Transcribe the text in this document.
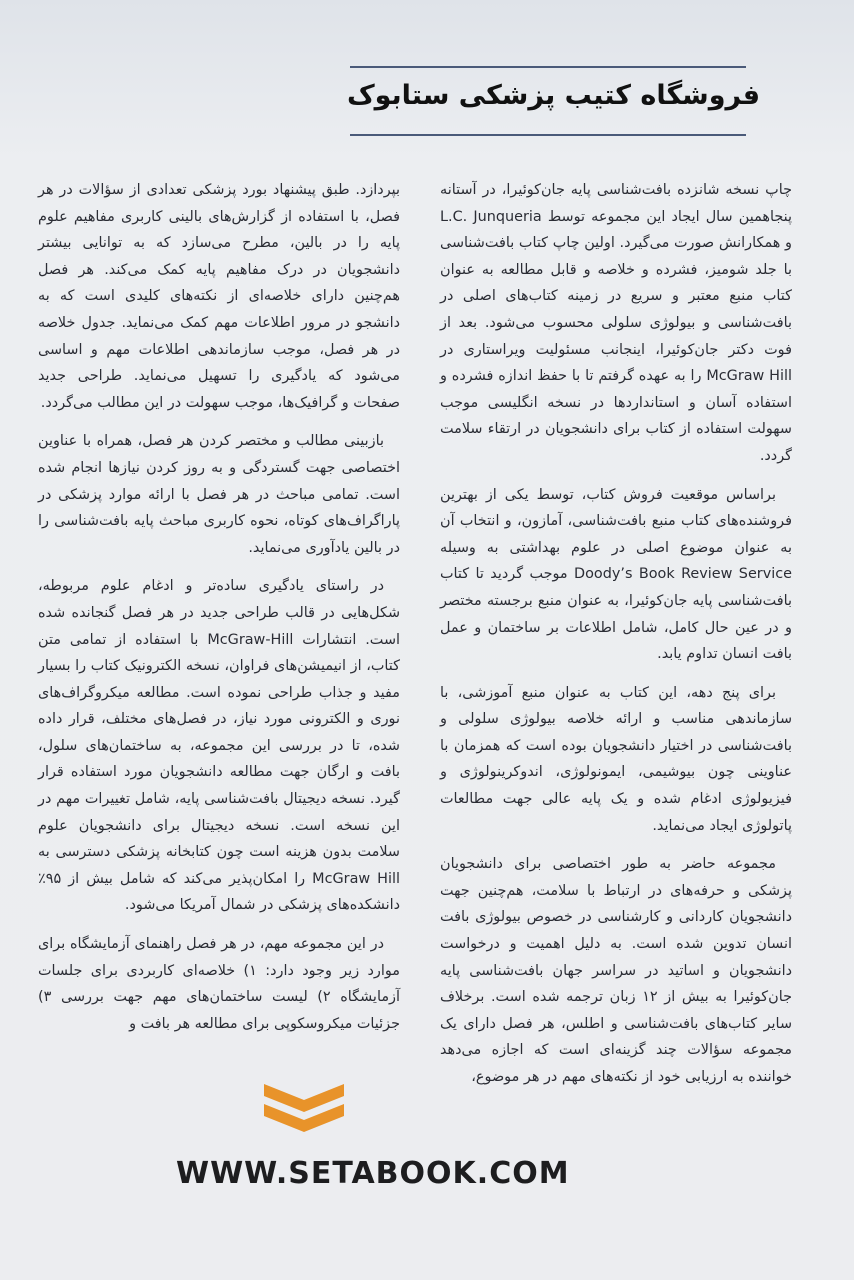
فروشگاه کتیب پزشکی ستابوک

چاپ نسخه شانزده بافت‌شناسی پایه جان‌کوئیرا، در آستانه پنجاهمین سال ایجاد این مجموعه توسط L.C. Junqueria و همکارانش صورت می‌گیرد. اولین چاپ کتاب بافت‌شناسی با جلد شومیز، فشرده و خلاصه و قابل مطالعه به عنوان کتاب منبع معتبر و سریع در زمینه کتاب‌های اصلی در بافت‌شناسی و بیولوژی سلولی محسوب می‌شود. بعد از فوت دکتر جان‌کوئیرا، اینجانب مسئولیت ویراستاری در McGraw Hill را به عهده گرفتم تا با حفظ اندازه فشرده و استفاده آسان و استانداردها در نسخه انگلیسی موجب سهولت استفاده از کتاب برای دانشجویان در ارتقاء سلامت گردد.

براساس موقعیت فروش کتاب، توسط یکی از بهترین فروشنده‌های کتاب منبع بافت‌شناسی، آمازون، و انتخاب آن به عنوان موضوع اصلی در علوم بهداشتی به وسیله Doody’s Book Review Service موجب گردید تا کتاب بافت‌شناسی پایه جان‌کوئیرا، به عنوان منبع برجسته مختصر و در عین حال کامل، شامل اطلاعات بر ساختمان و عمل بافت انسان تداوم یابد.

برای پنج دهه، این کتاب به عنوان منبع آموزشی، با سازماندهی مناسب و ارائه خلاصه بیولوژی سلولی و بافت‌شناسی در اختیار دانشجویان بوده است که همزمان با عناوینی چون بیوشیمی، ایمونولوژی، اندوکرینولوژی و فیزیولوژی ادغام شده و یک پایه عالی جهت مطالعات پاتولوژی ایجاد می‌نماید.

مجموعه حاضر به طور اختصاصی برای دانشجویان پزشکی و حرفه‌های در ارتباط با سلامت، هم‌چنین جهت دانشجویان کاردانی و کارشناسی در خصوص بیولوژی بافت انسان تدوین شده است. به دلیل اهمیت و درخواست دانشجویان و اساتید در سراسر جهان بافت‌شناسی پایه جان‌کوئیرا به بیش از ۱۲ زبان ترجمه شده است. برخلاف سایر کتاب‌های بافت‌شناسی و اطلس، هر فصل دارای یک مجموعه سؤالات چند گزینه‌ای است که اجازه می‌دهد خواننده به ارزیابی خود از نکته‌های مهم در هر موضوع،

بپردازد. طبق پیشنهاد بورد پزشکی تعدادی از سؤالات در هر فصل، با استفاده از گزارش‌های بالینی کاربری مفاهیم علوم پایه را در بالین، مطرح می‌سازد که به توانایی بیشتر دانشجویان در درک مفاهیم پایه کمک می‌کند. هر فصل هم‌چنین دارای خلاصه‌ای از نکته‌های کلیدی است که به دانشجو در مرور اطلاعات مهم کمک می‌نماید. جدول خلاصه در هر فصل، موجب سازماندهی اطلاعات مهم و اساسی می‌شود که یادگیری را تسهیل می‌نماید. طراحی جدید صفحات و گرافیک‌ها، موجب سهولت در این مطالب می‌گردد.

بازبینی مطالب و مختصر کردن هر فصل، همراه با عناوین اختصاصی جهت گستردگی و به روز کردن نیازها انجام شده است. تمامی مباحث در هر فصل با ارائه موارد پزشکی در پاراگراف‌های کوتاه، نحوه کاربری مباحث پایه بافت‌شناسی را در بالین یادآوری می‌نماید.

در راستای یادگیری ساده‌تر و ادغام علوم مربوطه، شکل‌هایی در قالب طراحی جدید در هر فصل گنجانده شده است. انتشارات McGraw-Hill با استفاده از تمامی متن کتاب، از انیمیشن‌های فراوان، نسخه الکترونیک کتاب را بسیار مفید و جذاب طراحی نموده است. مطالعه میکروگراف‌های نوری و الکترونی مورد نیاز، در فصل‌های مختلف، قرار داده شده، تا در بررسی این مجموعه، به ساختمان‌های سلول، بافت و ارگان جهت مطالعه دانشجویان مورد استفاده قرار گیرد. نسخه دیجیتال بافت‌شناسی پایه، شامل تغییرات مهم در این نسخه است. نسخه دیجیتال برای دانشجویان علوم سلامت بدون هزینه است چون کتابخانه پزشکی دسترسی به McGraw Hill را امکان‌پذیر می‌کند که شامل بیش از ۹۵٪ دانشکده‌های پزشکی در شمال آمریکا می‌شود.

در این مجموعه مهم، در هر فصل راهنمای آزمایشگاه برای موارد زیر وجود دارد: ۱) خلاصه‌ای کاربردی برای جلسات آزمایشگاه ۲) لیست ساختمان‌های مهم جهت بررسی ۳) جزئیات میکروسکوپی برای مطالعه هر بافت و

WWW.SETABOOK.COM
